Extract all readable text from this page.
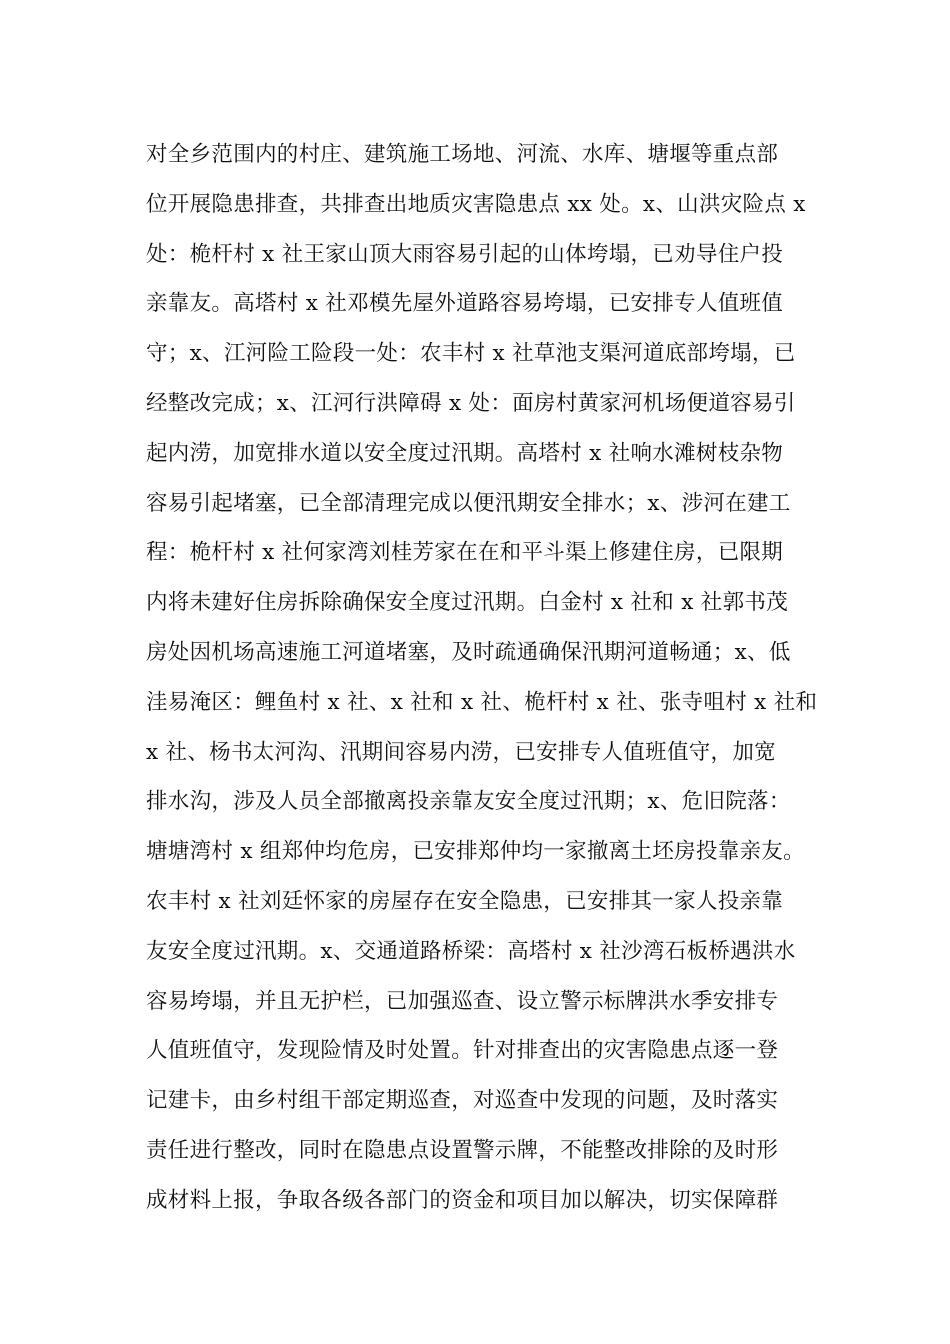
对全乡范围内的村庄、建筑施工场地、河流、水库、塘堰等重点部
位开展隐患排查，共排查出地质灾害隐患点 xx 处。x、山洪灾险点 x
处：桅杆村 x 社王家山顶大雨容易引起的山体垮塌，已劝导住户投
亲靠友。高塔村 x 社邓模先屋外道路容易垮塌，已安排专人值班值
守；x、江河险工险段一处：农丰村 x 社草池支渠河道底部垮塌，已
经整改完成；x、江河行洪障碍 x 处：面房村黄家河机场便道容易引
起内涝，加宽排水道以安全度过汛期。高塔村 x 社响水滩树枝杂物
容易引起堵塞，已全部清理完成以便汛期安全排水；x、涉河在建工
程：桅杆村 x 社何家湾刘桂芳家在在和平斗渠上修建住房，已限期
内将未建好住房拆除确保安全度过汛期。白金村 x 社和 x 社郭书茂
房处因机场高速施工河道堵塞，及时疏通确保汛期河道畅通；x、低
洼易淹区：鲤鱼村 x 社、x 社和 x 社、桅杆村 x 社、张寺咀村 x 社和
x 社、杨书太河沟、汛期间容易内涝，已安排专人值班值守，加宽
排水沟，涉及人员全部撤离投亲靠友安全度过汛期；x、危旧院落：
塘塘湾村 x 组郑仲均危房，已安排郑仲均一家撤离土坯房投靠亲友。
农丰村 x 社刘廷怀家的房屋存在安全隐患，已安排其一家人投亲靠
友安全度过汛期。x、交通道路桥梁：高塔村 x 社沙湾石板桥遇洪水
容易垮塌，并且无护栏，已加强巡查、设立警示标牌洪水季安排专
人值班值守，发现险情及时处置。针对排查出的灾害隐患点逐一登
记建卡，由乡村组干部定期巡查，对巡查中发现的问题，及时落实
责任进行整改，同时在隐患点设置警示牌，不能整改排除的及时形
成材料上报，争取各级各部门的资金和项目加以解决，切实保障群
